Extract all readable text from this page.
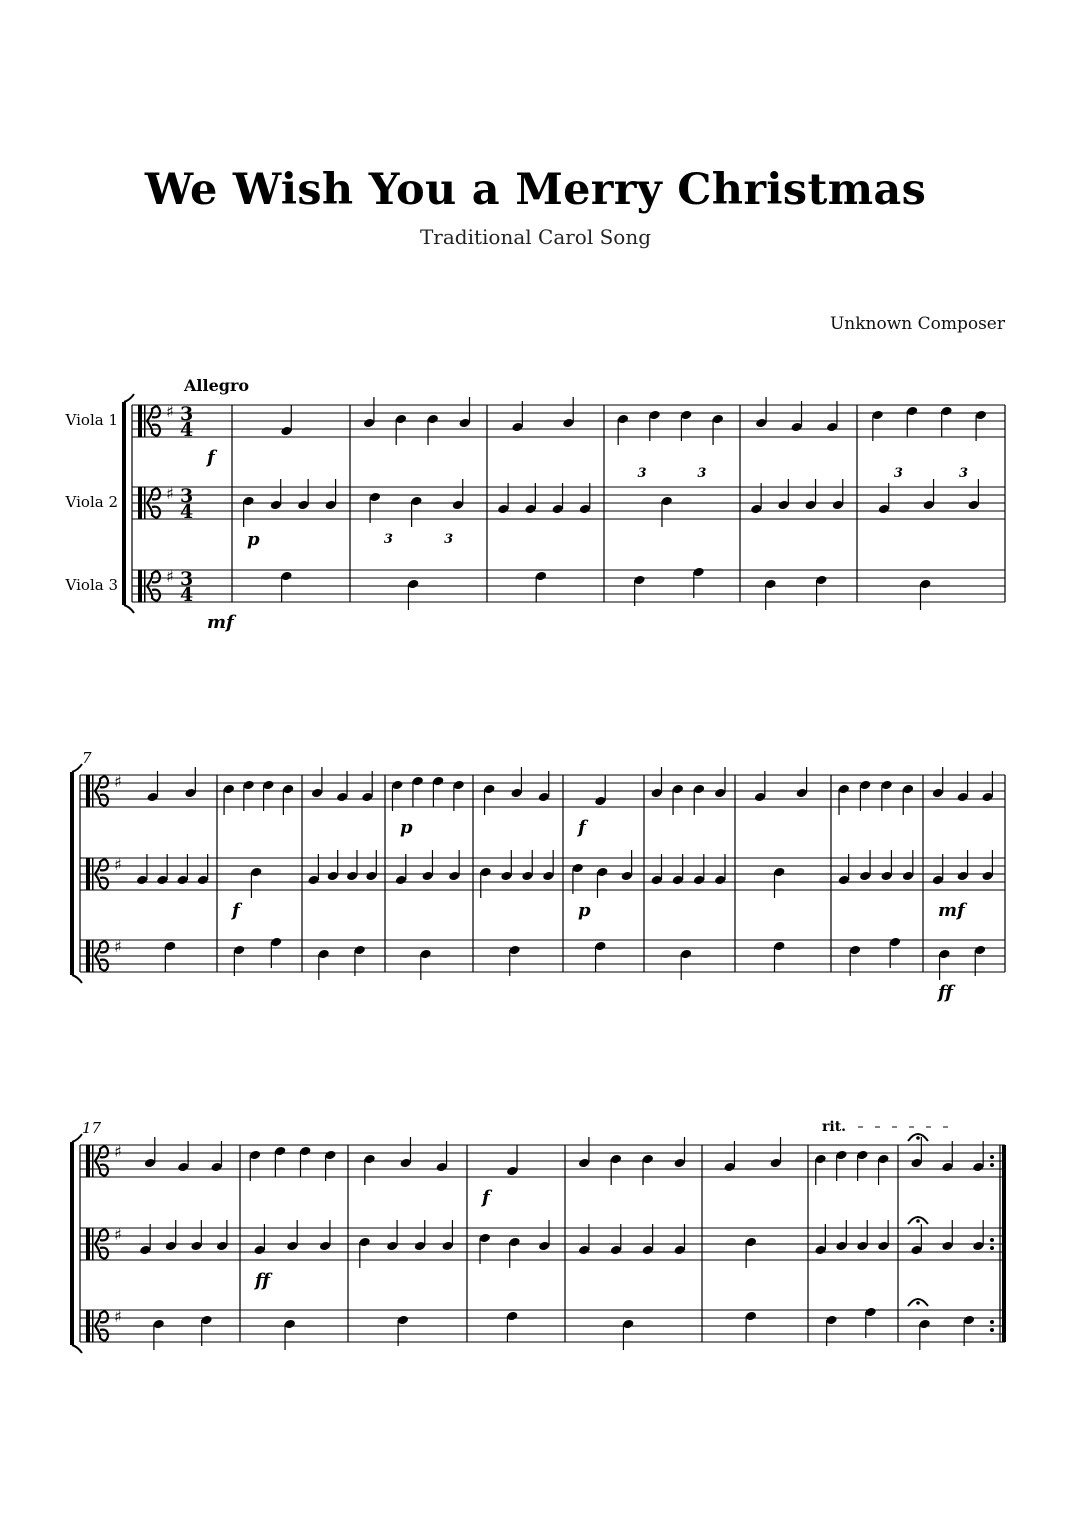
We Wish You a Merry Christmas
Traditional Carol Song
Unknown Composer
♯ 3
4
Viola 1
♯ 3
4
Viola 2
♯ 3
4
Viola 3
f
p
mf
3	3
3	3	3	3
Allegro
7
♯
♯
♯
p	f
f	p	mf
ff
17
♯
♯
♯
rit.
f
ff
